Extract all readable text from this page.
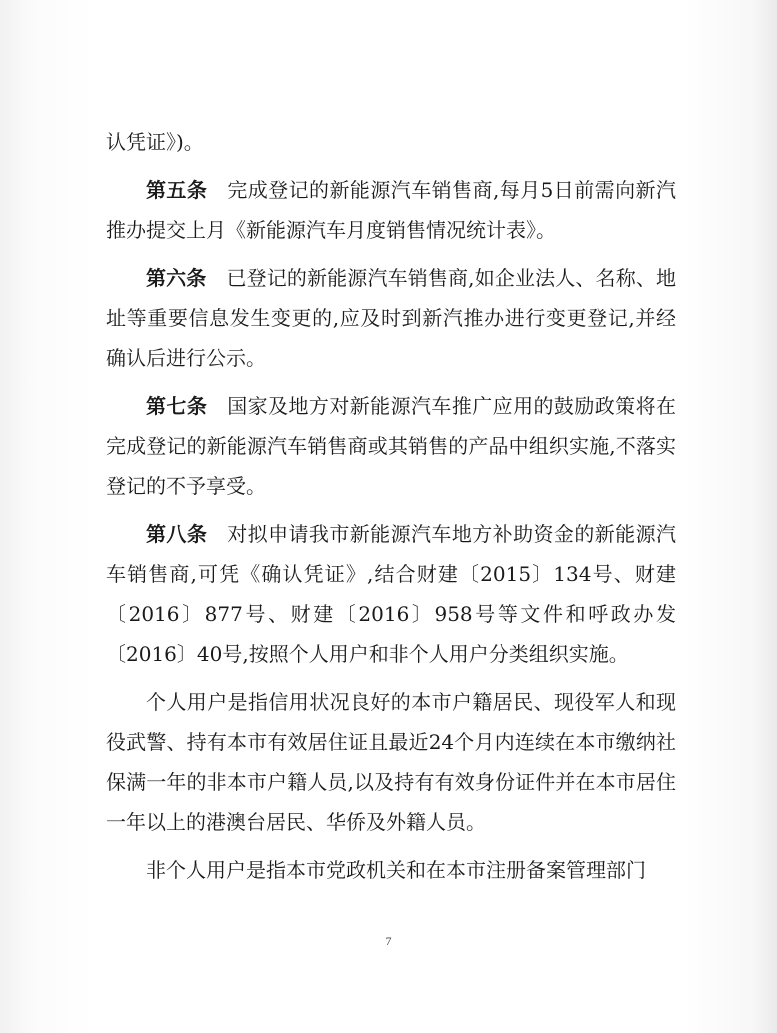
认凭证》)。

第五条 完成登记的新能源汽车销售商,每月5日前需向新汽推办提交上月《新能源汽车月度销售情况统计表》。

第六条 已登记的新能源汽车销售商,如企业法人、名称、地址等重要信息发生变更的,应及时到新汽推办进行变更登记,并经确认后进行公示。

第七条 国家及地方对新能源汽车推广应用的鼓励政策将在完成登记的新能源汽车销售商或其销售的产品中组织实施,不落实登记的不予享受。

第八条 对拟申请我市新能源汽车地方补助资金的新能源汽车销售商,可凭《确认凭证》,结合财建〔2015〕134号、财建〔2016〕877号、财建〔2016〕958号等文件和呼政办发〔2016〕40号,按照个人用户和非个人用户分类组织实施。

个人用户是指信用状况良好的本市户籍居民、现役军人和现役武警、持有本市有效居住证且最近24个月内连续在本市缴纳社保满一年的非本市户籍人员,以及持有有效身份证件并在本市居住一年以上的港澳台居民、华侨及外籍人员。

非个人用户是指本市党政机关和在本市注册备案管理部门

7
